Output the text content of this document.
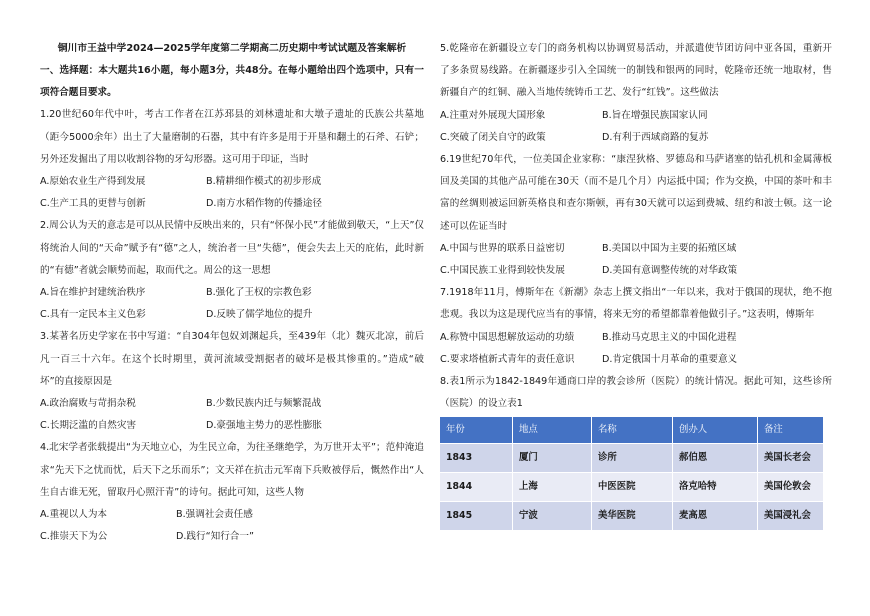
铜川市王益中学2024—2025学年度第二学期高二历史期中考试试题及答案解析

一、选择题：本大题共16小题，每小题3分，共48分。在每小题给出四个选项中，只有一项符合题目要求。

1.20世纪60年代中叶，考古工作者在江苏邳县的刘林遗址和大墩子遗址的氏族公共墓地（距今5000余年）出土了大量磨制的石器，其中有许多是用于开垦和翻土的石斧、石铲；另外还发掘出了用以收割谷物的牙勾形器。这可用于印证，当时

A.原始农业生产得到发展	B.精耕细作模式的初步形成
C.生产工具的更替与创新	D.南方水稻作物的传播途径

2.周公认为天的意志是可以从民情中反映出来的，只有“怀保小民”才能做到敬天，“上天”仅将统治人间的“天命”赋予有“德”之人，统治者一旦“失德”，便会失去上天的庇佑，此时新的“有德”者就会顺势而起，取而代之。周公的这一思想

A.旨在维护封建统治秩序	B.强化了王权的宗教色彩
C.具有一定民本主义色彩	D.反映了儒学地位的提升

3.某著名历史学家在书中写道：“自304年包奴刘渊起兵，至439年（北）魏灭北凉，前后凡一百三十六年。在这个长时期里，黄河流域受割据者的破坏是极其惨重的。”造成“破坏”的直接原因是

A.政治腐败与苛捐杂税	B.少数民族内迁与频繁混战
C.长期泛滥的自然灾害	D.豪强地主势力的恶性膨胀

4.北宋学者张载提出“为天地立心，为生民立命，为往圣继绝学，为万世开太平”；范仲淹追求“先天下之忧而忧，后天下之乐而乐”；文天祥在抗击元军南下兵败被俘后，慨然作出“人生自古谁无死，留取丹心照汗青”的诗句。据此可知，这些人物

A.重视以人为本	B.强调社会责任感
C.推崇天下为公	D.践行“知行合一”

5.乾隆帝在新疆设立专门的商务机构以协调贸易活动，并派遣使节团访问中亚各国，重新开了多条贸易线路。在新疆逐步引入全国统一的制钱和银两的同时，乾隆帝还统一地取材，售新疆自产的红铜、融入当地传统铸币工艺、发行“红钱”。这些做法

A.注重对外展现大国形象	B.旨在增强民族国家认同
C.突破了闭关自守的政策	D.有利于西域商路的复苏

6.19世纪70年代，一位美国企业家称：“康涅狄格、罗德岛和马萨诸塞的钻孔机和金属薄板回及美国的其他产品可能在30天（而不是几个月）内运抵中国；作为交换，中国的茶叶和丰富的丝绸则被运回新英格良和查尔斯顿，再有30天就可以运到费城、纽约和波士顿。这一论述可以佐证当时

A.中国与世界的联系日益密切	B.美国以中国为主要的拓殖区域
C.中国民族工业得到较快发展	D.美国有意调整传统的对华政策

7.1918年11月，傅斯年在《新潮》杂志上撰文指出“一年以来，我对于俄国的现状，绝不抱悲观。我以为这是现代应当有的事情，将来无穷的希望都靠着他做引子。”这表明，傅斯年

A.称赞中国思想解放运动的功绩	B.推动马克思主义的中国化进程
C.要求塔植新式青年的责任意识	D.肯定俄国十月革命的重要意义

8.表1所示为1842-1849年通商口岸的教会诊所（医院）的统计情况。据此可知，这些诊所（医院）的设立表1

年份	地点	名称	创办人	备注
1843	厦门	诊所	郝伯恩	美国长老会
1844	上海	中医医院	洛克哈特	美国伦敦会
1845	宁波	美华医院	麦高恩	美国浸礼会
